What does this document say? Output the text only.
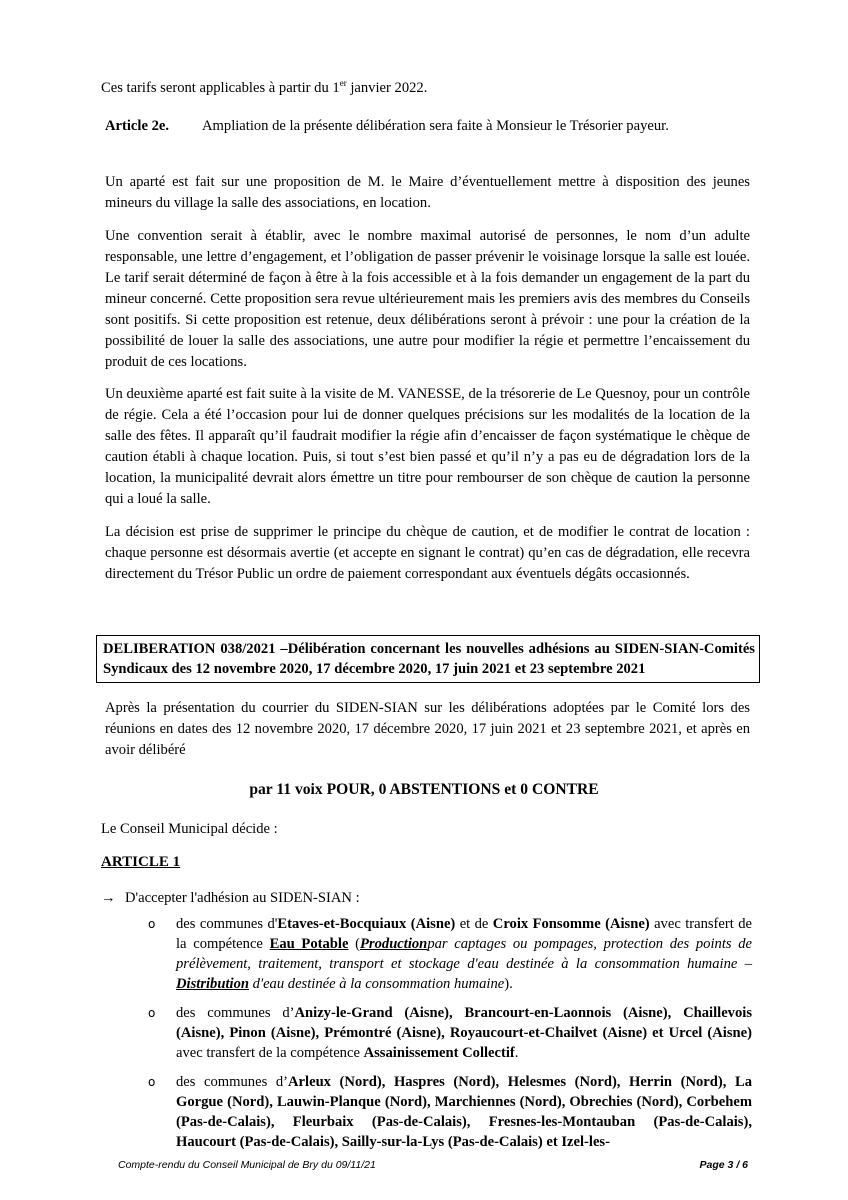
Ces tarifs seront applicables à partir du 1er janvier 2022.

Article 2e. Ampliation de la présente délibération sera faite à Monsieur le Trésorier payeur.

Un aparté est fait sur une proposition de M. le Maire d’éventuellement mettre à disposition des jeunes mineurs du village la salle des associations, en location.

Une convention serait à établir, avec le nombre maximal autorisé de personnes, le nom d’un adulte responsable, une lettre d’engagement, et l’obligation de passer prévenir le voisinage lorsque la salle est louée. Le tarif serait déterminé de façon à être à la fois accessible et à la fois demander un engagement de la part du mineur concerné. Cette proposition sera revue ultérieurement mais les premiers avis des membres du Conseils sont positifs. Si cette proposition est retenue, deux délibérations seront à prévoir : une pour la création de la possibilité de louer la salle des associations, une autre pour modifier la régie et permettre l’encaissement du produit de ces locations.

Un deuxième aparté est fait suite à la visite de M. VANESSE, de la trésorerie de Le Quesnoy, pour un contrôle de régie. Cela a été l’occasion pour lui de donner quelques précisions sur les modalités de la location de la salle des fêtes. Il apparaît qu’il faudrait modifier la régie afin d’encaisser de façon systématique le chèque de caution établi à chaque location. Puis, si tout s’est bien passé et qu’il n’y a pas eu de dégradation lors de la location, la municipalité devrait alors émettre un titre pour rembourser de son chèque de caution la personne qui a loué la salle.

La décision est prise de supprimer le principe du chèque de caution, et de modifier le contrat de location : chaque personne est désormais avertie (et accepte en signant le contrat) qu’en cas de dégradation, elle recevra directement du Trésor Public un ordre de paiement correspondant aux éventuels dégâts occasionnés.

DELIBERATION 038/2021 –Délibération concernant les nouvelles adhésions au SIDEN-SIAN-Comités Syndicaux des 12 novembre 2020, 17 décembre 2020, 17 juin 2021 et 23 septembre 2021

Après la présentation du courrier du SIDEN-SIAN sur les délibérations adoptées par le Comité lors des réunions en dates des 12 novembre 2020, 17 décembre 2020, 17 juin 2021 et 23 septembre 2021, et après en avoir délibéré

par 11 voix POUR, 0 ABSTENTIONS et 0 CONTRE

Le Conseil Municipal décide :

ARTICLE 1

→ D'accepter l'adhésion au SIDEN-SIAN :

o des communes d'Etaves-et-Bocquiaux (Aisne) et de Croix Fonsomme (Aisne) avec transfert de la compétence Eau Potable (Productionpar captages ou pompages, protection des points de prélèvement, traitement, transport et stockage d'eau destinée à la consommation humaine – Distribution d'eau destinée à la consommation humaine).

o des communes d’Anizy-le-Grand (Aisne), Brancourt-en-Laonnois (Aisne), Chaillevois (Aisne), Pinon (Aisne), Prémontré (Aisne), Royaucourt-et-Chailvet (Aisne) et Urcel (Aisne) avec transfert de la compétence Assainissement Collectif.

o des communes d’Arleux (Nord), Haspres (Nord), Helesmes (Nord), Herrin (Nord), La Gorgue (Nord), Lauwin-Planque (Nord), Marchiennes (Nord), Obrechies (Nord), Corbehem (Pas-de-Calais), Fleurbaix (Pas-de-Calais), Fresnes-les-Montauban (Pas-de-Calais), Haucourt (Pas-de-Calais), Sailly-sur-la-Lys (Pas-de-Calais) et Izel-les-

Compte-rendu du Conseil Municipal de Bry du 09/11/21	Page 3 / 6
